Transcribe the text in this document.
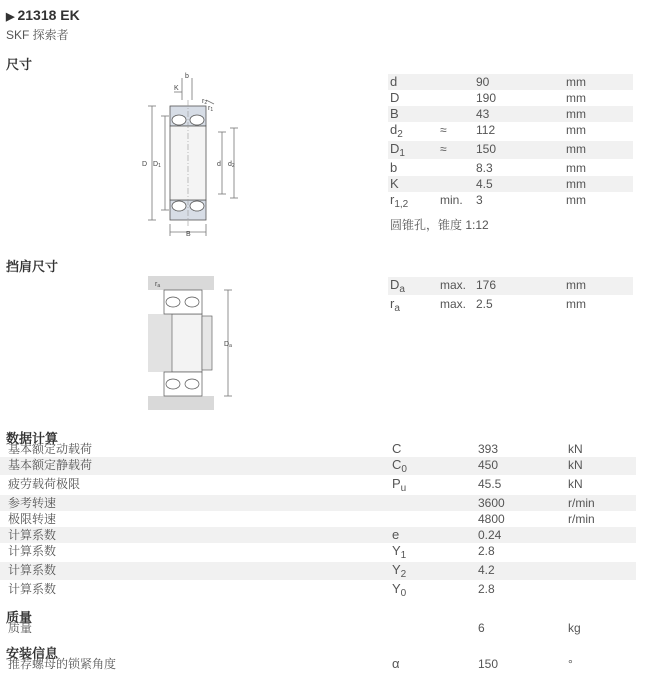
▶ 21318 EK
SKF 探索者
尺寸
b
K
r2
r1
D D1	d d2
B
d	90	mm
D	190	mm
B	43	mm
$d_2$	≈ 112	mm
$D_1$	≈ 150	mm
b	8.3	mm
K	4.5	mm
$r_{1,2}$	min. 3	mm
圆锥孔，锥度 1:12
挡肩尺寸
ra
Da
$D_a$	max. 176	mm
$r_a$	max. 2.5	mm
数据计算
基本额定动载荷	C	393	kN
基本额定静载荷	$C_0$	450	kN
疲劳载荷极限	$P_u$	45.5	kN
参考转速	3600	r/min
极限转速	4800	r/min
计算系数	e	0.24
计算系数	$Y_1$	2.8
计算系数	$Y_2$	4.2
计算系数	$Y_0$	2.8
质量
质量	6	kg
安装信息
推荐螺母的锁紧角度	α	150	°
